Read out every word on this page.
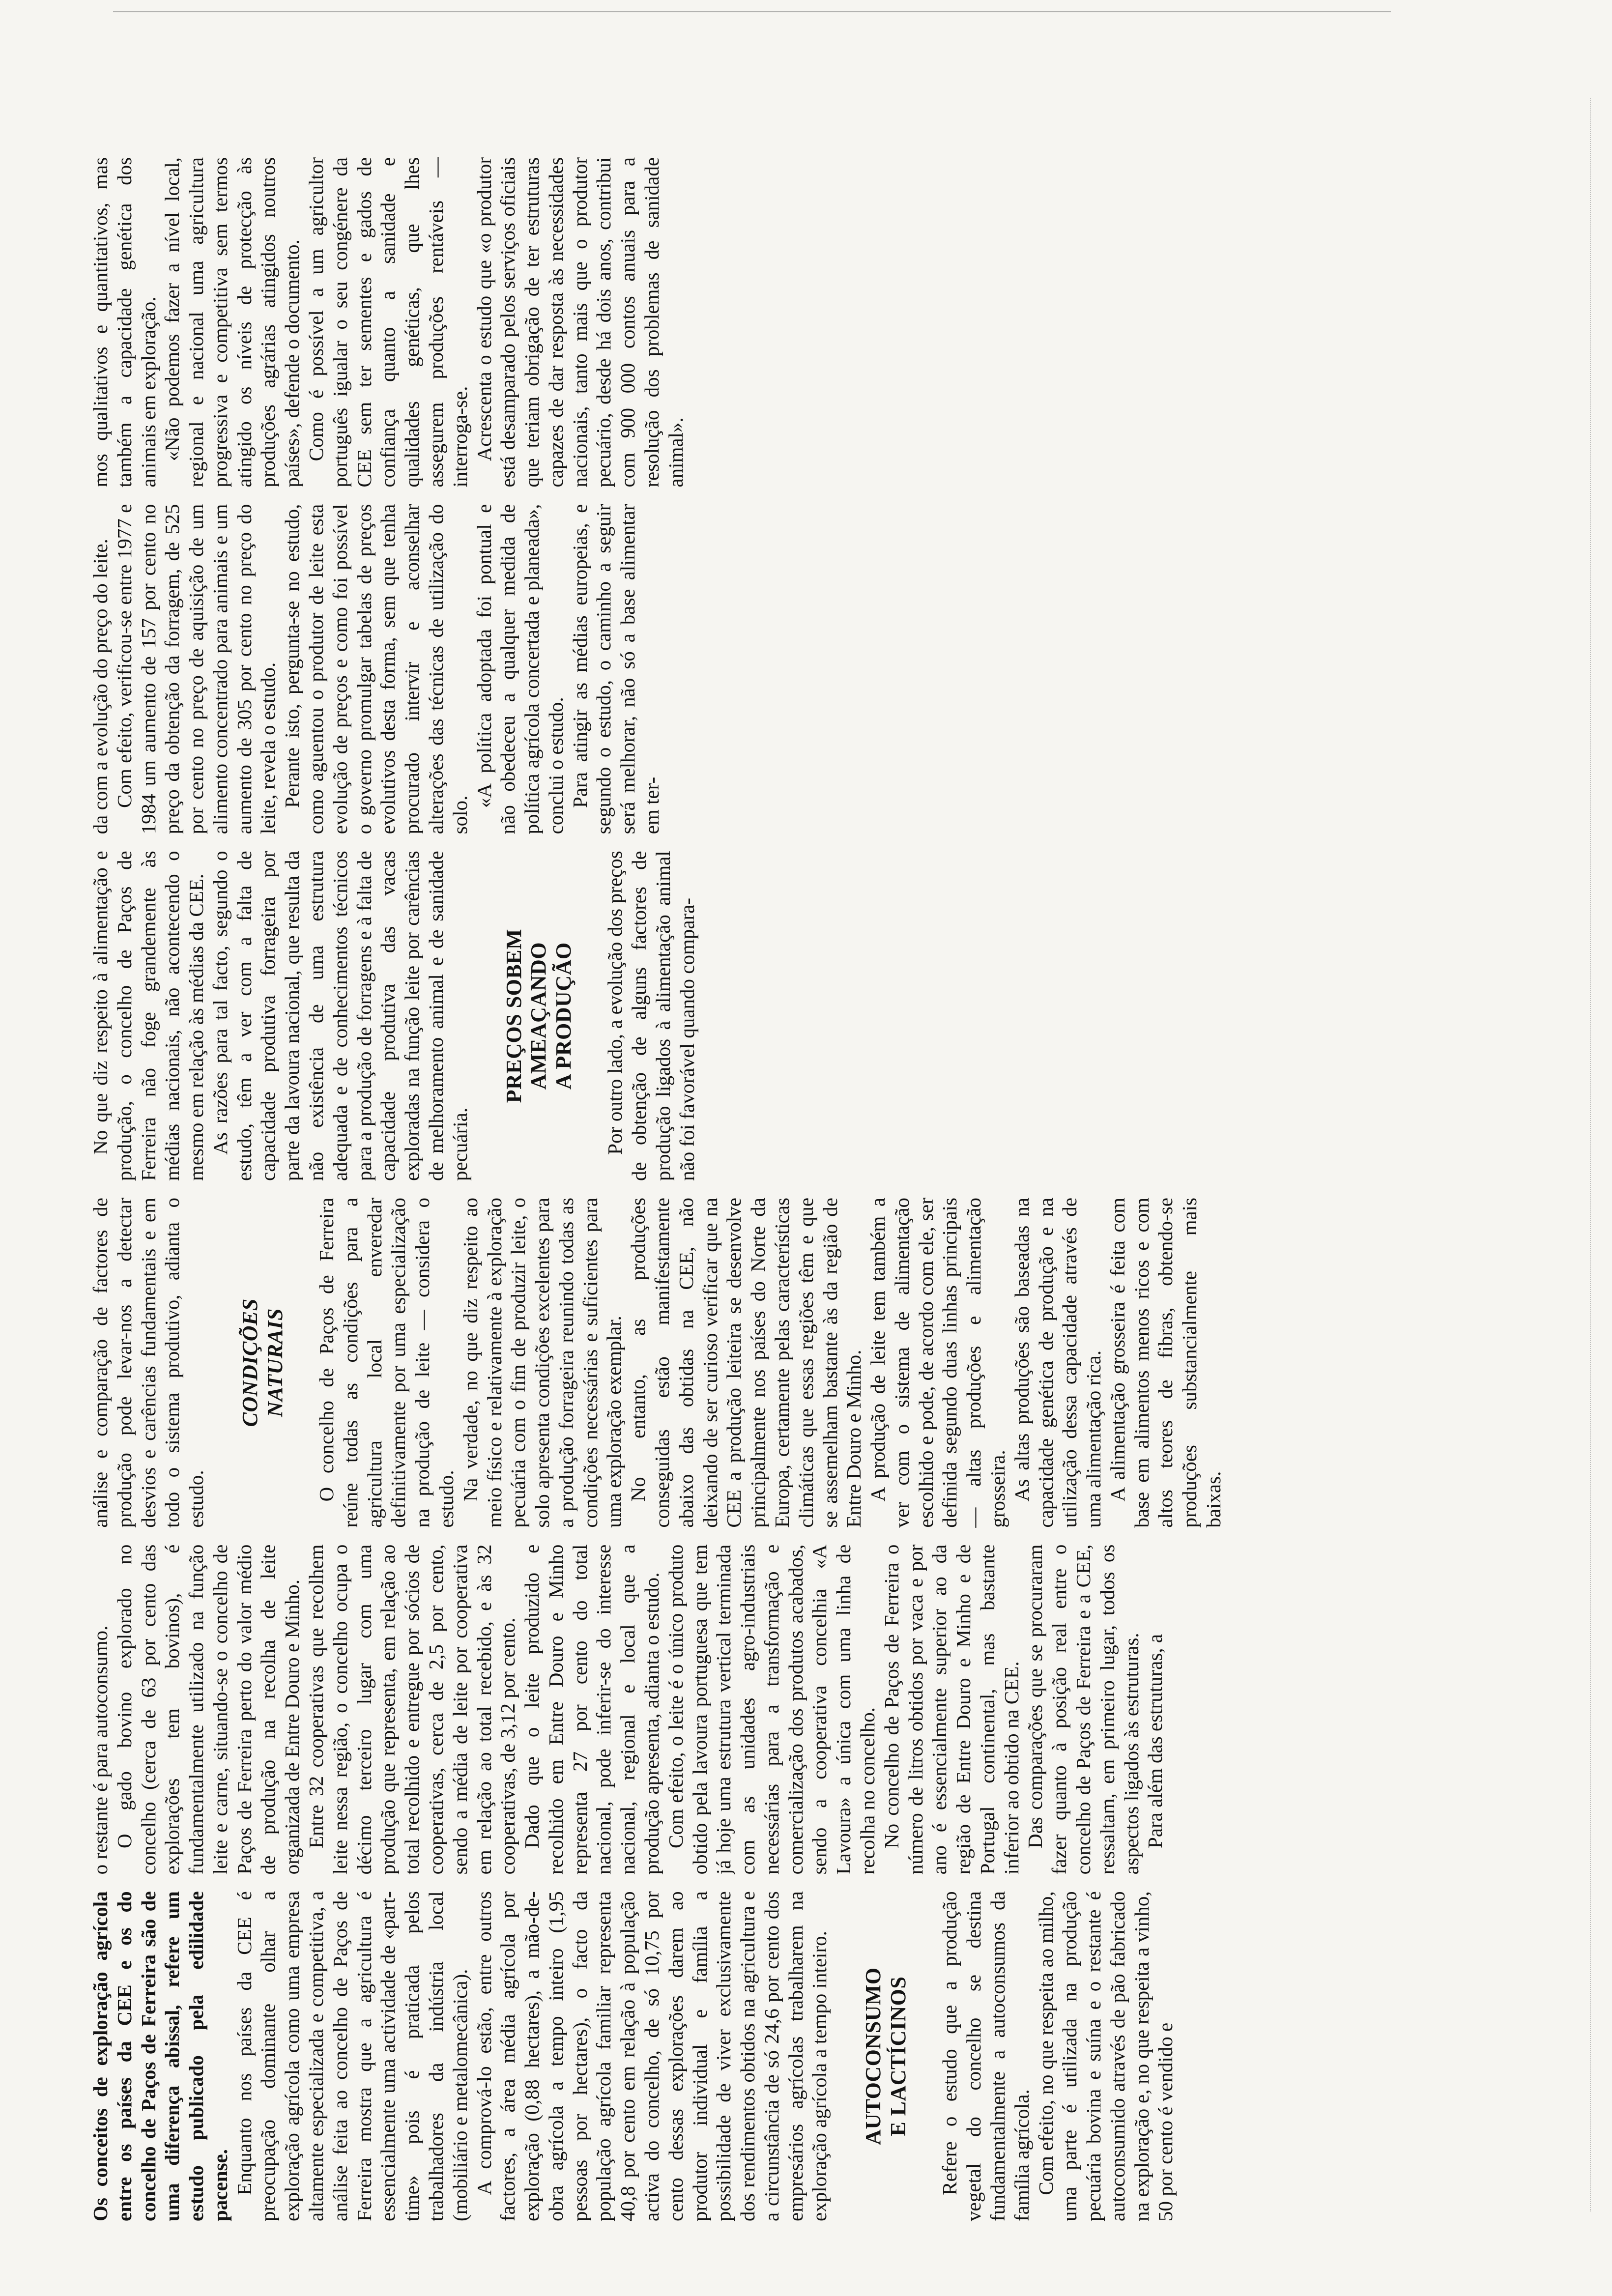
Os conceitos de exploração agrícola entre os países da CEE e os do concelho de Paços de Ferreira são de uma diferença abissal, refere um estudo publicado pela edilidade pacense. Enquanto nos países da CEE é preocupação dominante olhar a exploração agrícola como uma empresa altamente especializada e competitiva, a análise feita ao concelho de Paços de Ferreira mostra que a agricultura é essencialmente uma actividade de «part-time» pois é praticada pelos trabalhadores da indústria local (mobiliário e metalomecânica). A comprová-lo estão, entre outros factores, a área média agrícola por exploração (0,88 hectares), a mão-de-obra agrícola a tempo inteiro (1,95 pessoas por hectares), o facto da população agrícola familiar representa 40,8 por cento em relação à população activa do concelho, de só 10,75 por cento dessas explorações darem ao produtor individual e família a possibilidade de viver exclusivamente dos rendimentos obtidos na agricultura e a circunstância de só 24,6 por cento dos empresários agrícolas trabalharem na exploração agrícola a tempo inteiro. AUTOCONSUMO E LACTÍCINOS Refere o estudo que a produção vegetal do concelho se destina fundamentalmente a autoconsumos da família agrícola. Com efeito, no que respeita ao milho, uma parte é utilizada na produção pecuária bovina e suína e o restante é autoconsumido através de pão fabricado na exploração e, no que respeita a vinho, 50 por cento é vendido e

o restante é para autoconsumo. O gado bovino explorado no concelho (cerca de 63 por cento das explorações tem bovinos), é fundamentalmente utilizado na função leite e carne, situando-se o concelho de Paços de Ferreira perto do valor médio de produção na recolha de leite organizada de Entre Douro e Minho. Entre 32 cooperativas que recolhem leite nessa região, o concelho ocupa o décimo terceiro lugar com uma produção que representa, em relação ao total recolhido e entregue por sócios de cooperativas, cerca de 2,5 por cento, sendo a média de leite por cooperativa em relação ao total recebido, e às 32 cooperativas, de 3,12 por cento. Dado que o leite produzido e recolhido em Entre Douro e Minho representa 27 por cento do total nacional, pode inferir-se do interesse nacional, regional e local que a produção apresenta, adianta o estudo. Com efeito, o leite é o único produto obtido pela lavoura portuguesa que tem já hoje uma estrutura vertical terminada com as unidades agro-industriais necessárias para a transformação e comercialização dos produtos acabados, sendo a cooperativa concelhia «A Lavoura» a única com uma linha de recolha no concelho. No concelho de Paços de Ferreira o número de litros obtidos por vaca e por ano é essencialmente superior ao da região de Entre Douro e Minho e de Portugal continental, mas bastante inferior ao obtido na CEE. Das comparações que se procuraram fazer quanto à posição real entre o concelho de Paços de Ferreira e a CEE, ressaltam, em primeiro lugar, todos os aspectos ligados às estruturas. Para além das estruturas, a

análise e comparação de factores de produção pode levar-nos a detectar desvios e carências fundamentais e em todo o sistema produtivo, adianta o estudo.

CONDIÇÕES NATURAIS O concelho de Paços de Ferreira reúne todas as condições para a agricultura local enveredar definitivamente por uma especialização na produção de leite — considera o estudo. Na verdade, no que diz respeito ao meio físico e relativamente à exploração pecuária com o fim de produzir leite, o solo apresenta condições excelentes para a produção forrageira reunindo todas as condições necessárias e suficientes para uma exploração exemplar. No entanto, as produções conseguidas estão manifestamente abaixo das obtidas na CEE, não deixando de ser curioso verificar que na CEE a produção leiteira se desenvolve principalmente nos países do Norte da Europa, certamente pelas características climáticas que essas regiões têm e que se assemelham bastante às da região de Entre Douro e Minho. A produção de leite tem também a ver com o sistema de alimentação escolhido e pode, de acordo com ele, ser definida segundo duas linhas principais — altas produções e alimentação grosseira. As altas produções são baseadas na capacidade genética de produção e na utilização dessa capacidade através de uma alimentação rica. A alimentação grosseira é feita com base em alimentos menos ricos e com altos teores de fibras, obtendo-se produções substancialmente mais baixas.

No que diz respeito à alimentação e produção, o concelho de Paços de Ferreira não foge grandemente às médias nacionais, não acontecendo o mesmo em relação às médias da CEE. As razões para tal facto, segundo o estudo, têm a ver com a falta de capacidade produtiva forrageira por parte da lavoura nacional, que resulta da não existência de uma estrutura adequada e de conhecimentos técnicos para a produção de forragens e à falta de capacidade produtiva das vacas exploradas na função leite por carências de melhoramento animal e de sanidade pecuária.

PREÇOS SOBEM AMEAÇANDO A PRODUÇÃO Por outro lado, a evolução dos preços de obtenção de alguns factores de produção ligados à alimentação animal não foi favorável quando compara-

da com a evolução do preço do leite. Com efeito, verificou-se entre 1977 e 1984 um aumento de 157 por cento no preço da obtenção da forragem, de 525 por cento no preço de aquisição de um alimento concentrado para animais e um aumento de 305 por cento no preço do leite, revela o estudo. Perante isto, pergunta-se no estudo, como aguentou o produtor de leite esta evolução de preços e como foi possível o governo promulgar tabelas de preços evolutivos desta forma, sem que tenha procurado intervir e aconselhar alterações das técnicas de utilização do solo.

«A política adoptada foi pontual e não obedeceu a qualquer medida de política agrícola concertada e planeada», conclui o estudo. Para atingir as médias europeias, e segundo o estudo, o caminho a seguir será melhorar, não só a base alimentar em ter-

mos qualitativos e quantitativos, mas também a capacidade genética dos animais em exploração. «Não podemos fazer a nível local, regional e nacional uma agricultura progressiva e competitiva sem termos atingido os níveis de protecção às produções agrárias atingidos noutros países», defende o documento. Como é possível a um agricultor português igualar o seu congénere da CEE sem ter sementes e gados de confiança quanto a sanidade e qualidades genéticas, que lhes assegurem produções rentáveis — interroga-se. Acrescenta o estudo que «o produtor está desamparado pelos serviços oficiais que teriam obrigação de ter estruturas capazes de dar resposta às necessidades nacionais, tanto mais que o produtor pecuário, desde há dois anos, contribui com 900 000 contos anuais para a resolução dos problemas de sanidade animal».
